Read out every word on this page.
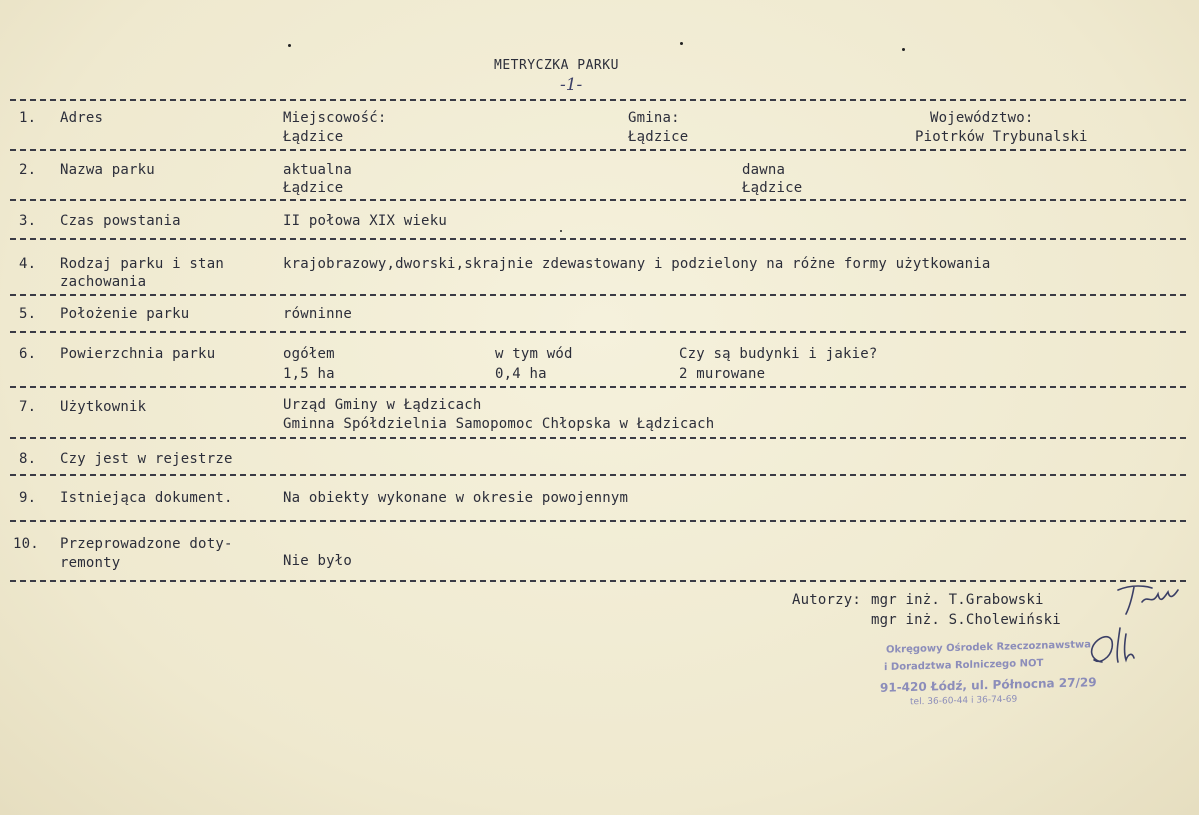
METRYCZKA PARKU
-1-
1. Adres	Miejscowość:
Łądzice
Gmina:
Łądzice
Województwo:
Piotrków Trybunalski
2. Nazwa parku	aktualna
Łądzice
dawna
Łądzice
3. Czas powstania	II połowa XIX wieku
4. Rodzaj parku i stan
zachowania
krajobrazowy,dworski,skrajnie zdewastowany i podzielony na różne formy użytkowania
5. Położenie parku	równinne
6. Powierzchnia parku	ogółem
1,5 ha
w tym wód
0,4 ha
Czy są budynki i jakie?
2 murowane
7. Użytkownik	Urząd Gminy w Łądzicach
Gminna Spółdzielnia Samopomoc Chłopska w Łądzicach
8. Czy jest w rejestrze
9. Istniejąca dokument.	Na obiekty wykonane w okresie powojennym
10. Przeprowadzone doty-
remonty	Nie było
Autorzy: mgr inż. T.Grabowski
mgr inż. S.Cholewiński
Okręgowy Ośrodek Rzeczoznawstwa
i Doradztwa Rolniczego NOT
91-420 Łódź, ul. Północna 27/29
tel. 36-60-44 i 36-74-69
